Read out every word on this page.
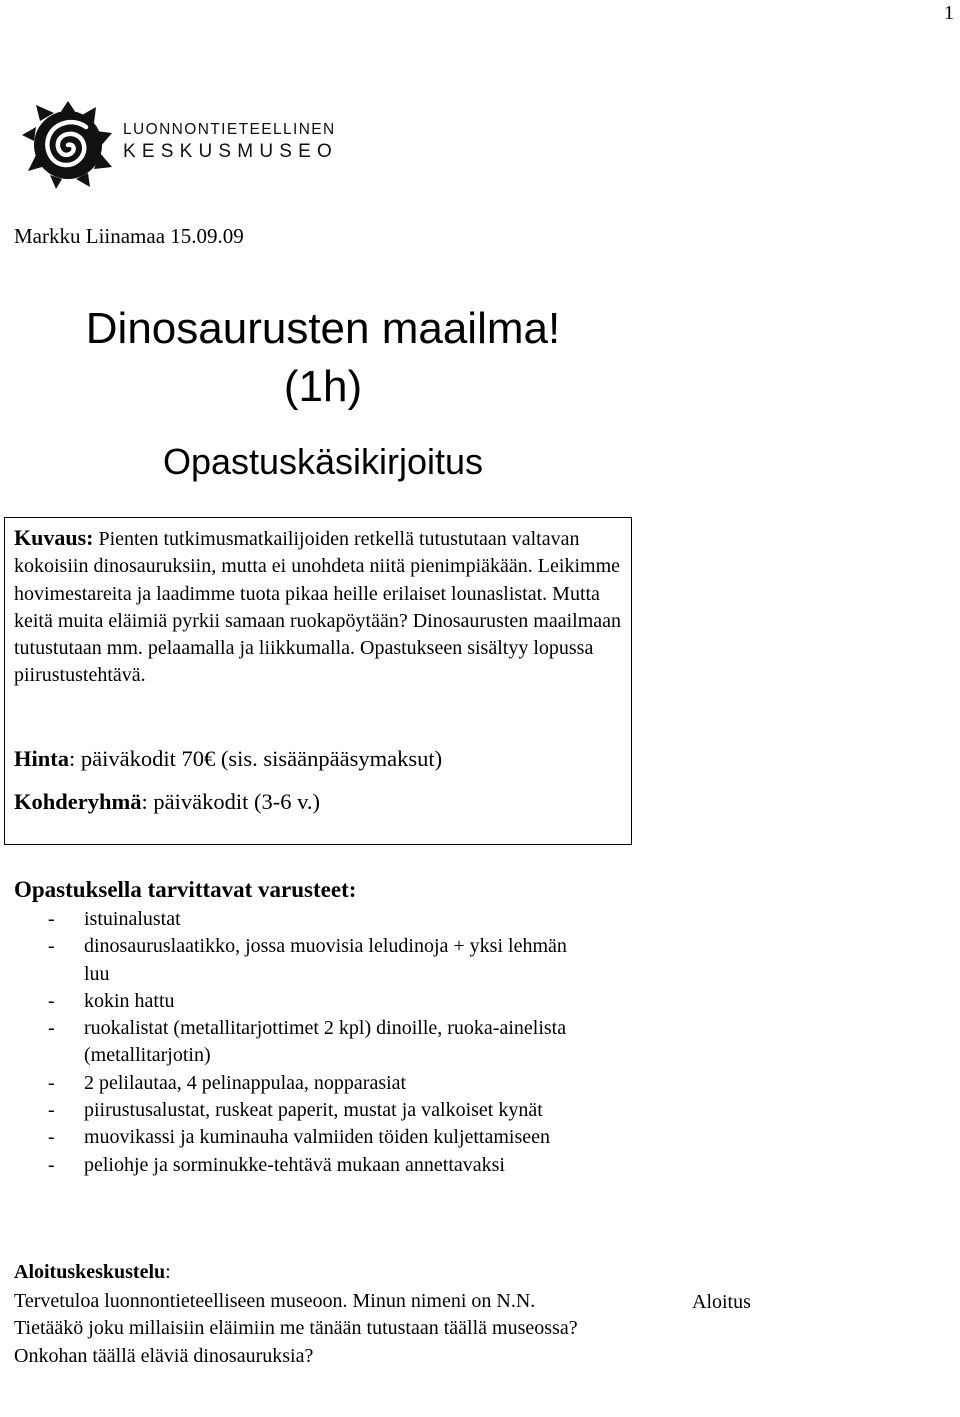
1
LUONNONTIETEELLINEN
KESKUSMUSEO
Markku Liinamaa 15.09.09
Dinosaurusten maailma!
(1h)
Opastuskäsikirjoitus
Kuvaus: Pienten tutkimusmatkailijoiden retkellä tutustutaan valtavan kokoisiin dinosauruksiin, mutta ei unohdeta niitä pienimpiäkään. Leikimme hovimestareita ja laadimme tuota pikaa heille erilaiset lounaslistat. Mutta keitä muita eläimiä pyrkii samaan ruokapöytään? Dinosaurusten maailmaan tutustutaan mm. pelaamalla ja liikkumalla. Opastukseen sisältyy lopussa piirustustehtävä.
Hinta: päiväkodit 70€ (sis. sisäänpääsymaksut)
Kohderyhmä: päiväkodit (3-6 v.)
Opastuksella tarvittavat varusteet:
- istuinalustat
- dinosauruslaatikko, jossa muovisia leludinoja + yksi lehmän luu
- kokin hattu
- ruokalistat (metallitarjottimet 2 kpl) dinoille, ruoka-ainelista (metallitarjotin)
- 2 pelilautaa, 4 pelinappulaa, nopparasiat
- piirustusalustat, ruskeat paperit, mustat ja valkoiset kynät
- muovikassi ja kuminauha valmiiden töiden kuljettamiseen
- peliohje ja sorminukke-tehtävä mukaan annettavaksi
Aloituskeskustelu:

Tervetuloa luonnontieteelliseen museoon. Minun nimeni on N.N.

Tietääkö joku millaisiin eläimiin me tänään tutustaan täällä museossa?

Onkohan täällä eläviä dinosauruksia?

Aloitus
